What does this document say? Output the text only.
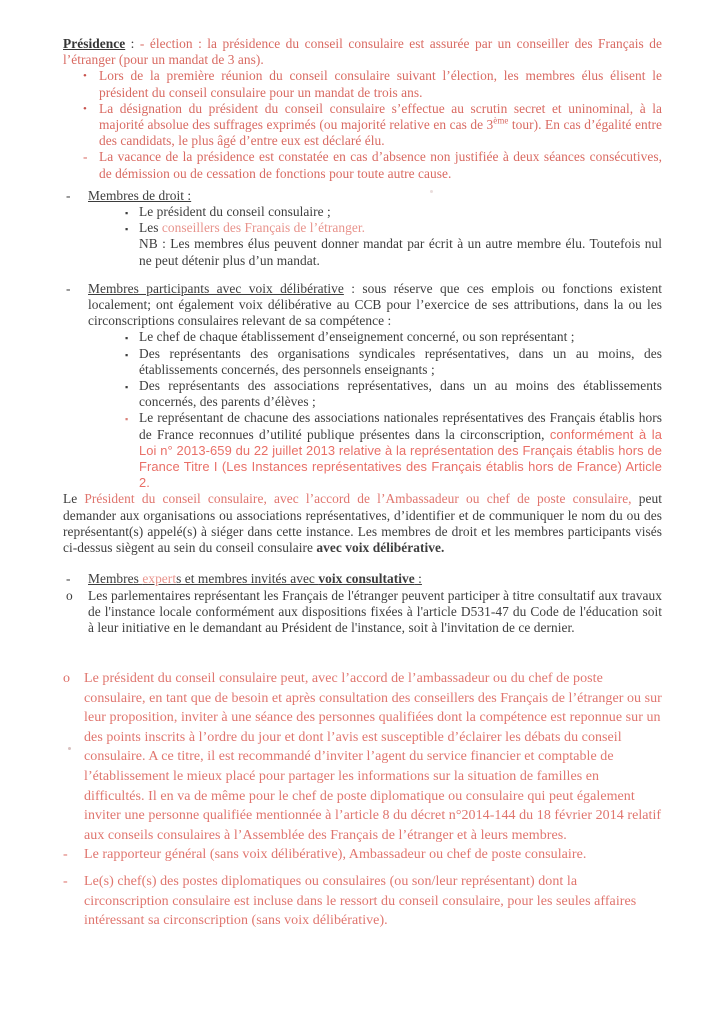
Présidence : - élection : la présidence du conseil consulaire est assurée par un conseiller des Français de l’étranger (pour un mandat de 3 ans).

• Lors de la première réunion du conseil consulaire suivant l’élection, les membres élus élisent le président du conseil consulaire pour un mandat de trois ans.
• La désignation du président du conseil consulaire s’effectue au scrutin secret et uninominal, à la majorité absolue des suffrages exprimés (ou majorité relative en cas de 3ème tour). En cas d’égalité entre des candidats, le plus âgé d’entre eux est déclaré élu.
- La vacance de la présidence est constatée en cas d’absence non justifiée à deux séances consécutives, de démission ou de cessation de fonctions pour toute autre cause.
-	Membres de droit :
▪ Le président du conseil consulaire ;
▪ Les conseillers des Français de l’étranger.
NB : Les membres élus peuvent donner mandat par écrit à un autre membre élu. Toutefois nul ne peut détenir plus d’un mandat.
-	Membres participants avec voix délibérative : sous réserve que ces emplois ou fonctions existent localement; ont également voix délibérative au CCB pour l’exercice de ses attributions, dans la ou les circonscriptions consulaires relevant de sa compétence :
▪ Le chef de chaque établissement d’enseignement concerné, ou son représentant ;
▪ Des représentants des organisations syndicales représentatives, dans un au moins, des établissements concernés, des personnels enseignants ;
▪ Des représentants des associations représentatives, dans un au moins des établissements concernés, des parents d’élèves ;
▪ Le représentant de chacune des associations nationales représentatives des Français établis hors de France reconnues d’utilité publique présentes dans la circonscription, conformément à la Loi n° 2013-659 du 22 juillet 2013 relative à la représentation des Français établis hors de France Titre I (Les Instances représentatives des Français établis hors de France) Article 2.

Le Président du conseil consulaire, avec l’accord de l’Ambassadeur ou chef de poste consulaire, peut demander aux organisations ou associations représentatives, d’identifier et de communiquer le nom du ou des représentant(s) appelé(s) à siéger dans cette instance. Les membres de droit et les membres participants visés ci-dessus siègent au sein du conseil consulaire avec voix délibérative.

-	Membres experts et membres invités avec voix consultative :
o	Les parlementaires représentant les Français de l'étranger peuvent participer à titre consultatif aux travaux de l'instance locale conformément aux dispositions fixées à l'article D531-47 du Code de l'éducation soit à leur initiative en le demandant au Président de l'instance, soit à l'invitation de ce dernier.
o Le président du conseil consulaire peut, avec l’accord de l’ambassadeur ou du chef de poste consulaire, en tant que de besoin et après consultation des conseillers des Français de l’étranger ou sur leur proposition, inviter à une séance des personnes qualifiées dont la compétence est reponnue sur un des points inscrits à l’ordre du jour et dont l’avis est susceptible d’éclairer les débats du conseil consulaire. A ce titre, il est recommandé d’inviter l’agent du service financier et comptable de l’établissement le mieux placé pour partager les informations sur la situation de familles en difficultés. Il en va de même pour le chef de poste diplomatique ou consulaire qui peut également inviter une personne qualifiée mentionnée à l’article 8 du décret n°2014-144 du 18 février 2014 relatif aux conseils consulaires à l’Assemblée des Français de l’étranger et à leurs membres.
-	Le rapporteur général (sans voix délibérative), Ambassadeur ou chef de poste consulaire.
-	Le(s) chef(s) des postes diplomatiques ou consulaires (ou son/leur représentant) dont la circonscription consulaire est incluse dans le ressort du conseil consulaire, pour les seules affaires intéressant sa circonscription (sans voix délibérative).
